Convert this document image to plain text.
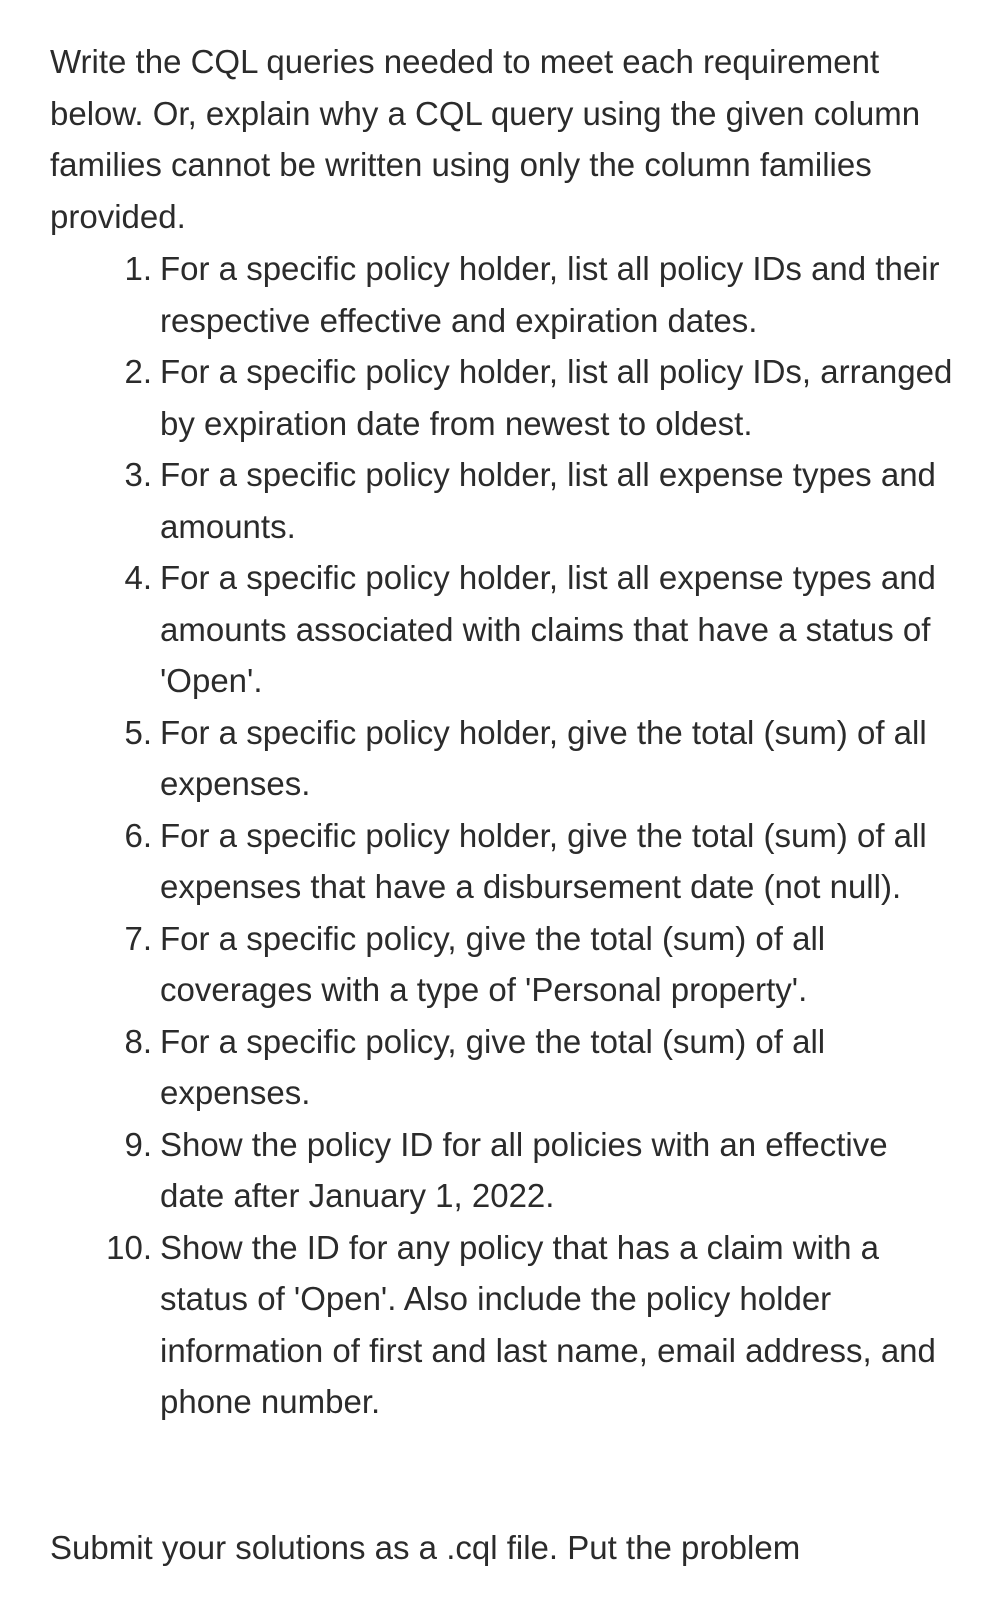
Write the CQL queries needed to meet each requirement below. Or, explain why a CQL query using the given column families cannot be written using only the column families provided.

1. For a specific policy holder, list all policy IDs and their respective effective and expiration dates.
2. For a specific policy holder, list all policy IDs, arranged by expiration date from newest to oldest.
3. For a specific policy holder, list all expense types and amounts.
4. For a specific policy holder, list all expense types and amounts associated with claims that have a status of 'Open'.
5. For a specific policy holder, give the total (sum) of all expenses.
6. For a specific policy holder, give the total (sum) of all expenses that have a disbursement date (not null).
7. For a specific policy, give the total (sum) of all coverages with a type of 'Personal property'.
8. For a specific policy, give the total (sum) of all expenses.
9. Show the policy ID for all policies with an effective date after January 1, 2022.
10. Show the ID for any policy that has a claim with a status of 'Open'. Also include the policy holder information of first and last name, email address, and phone number.

Submit your solutions as a .cql file. Put the problem
